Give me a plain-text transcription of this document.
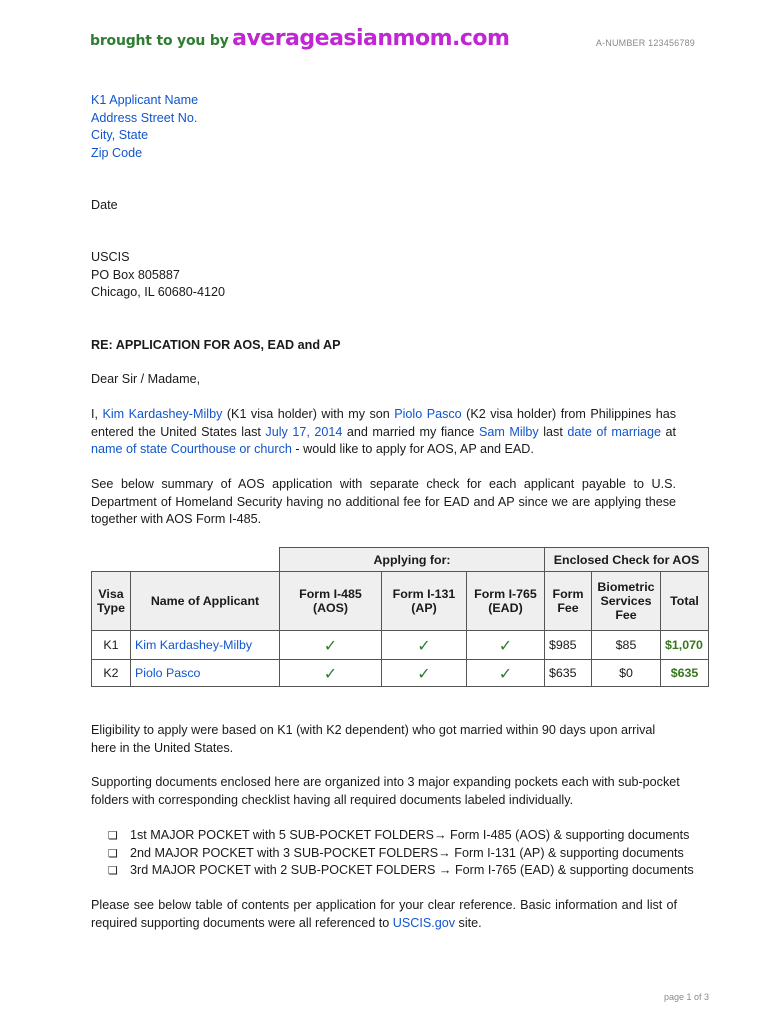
brought to you by averageasianmom.com	A-NUMBER 123456789
K1 Applicant Name
Address Street No.
City, State
Zip Code
Date
USCIS
PO Box 805887
Chicago, IL 60680-4120
RE: APPLICATION FOR AOS, EAD and AP
Dear Sir / Madame,
I, Kim Kardashey-Milby (K1 visa holder) with my son Piolo Pasco (K2 visa holder) from Philippines has entered the United States last July 17, 2014 and married my fiance Sam Milby last date of marriage at name of state Courthouse or church - would like to apply for AOS, AP and EAD.
See below summary of AOS application with separate check for each applicant payable to U.S. Department of Homeland Security having no additional fee for EAD and AP since we are applying these together with AOS Form I-485.
		Applying for:			Enclosed Check for AOS		
Visa Type	Name of Applicant	Form I-485 (AOS)	Form I-131 (AP)	Form I-765 (EAD)	Form Fee	Biometric Services Fee	Total
K1	Kim Kardashey-Milby	✓	✓	✓	$985	$85	$1,070
K2	Piolo Pasco	✓	✓	✓	$635	$0	$635
Eligibility to apply were based on K1 (with K2 dependent) who got married within 90 days upon arrival here in the United States.
Supporting documents enclosed here are organized into 3 major expanding pockets each with sub-pocket folders with corresponding checklist having all required documents labeled individually.
❏ 1st MAJOR POCKET with 5 SUB-POCKET FOLDERS→ Form I-485 (AOS) & supporting documents
❏ 2nd MAJOR POCKET with 3 SUB-POCKET FOLDERS→ Form I-131 (AP) & supporting documents
❏ 3rd MAJOR POCKET with 2 SUB-POCKET FOLDERS → Form I-765 (EAD) & supporting documents
Please see below table of contents per application for your clear reference. Basic information and list of required supporting documents were all referenced to USCIS.gov site.
page 1 of 3
